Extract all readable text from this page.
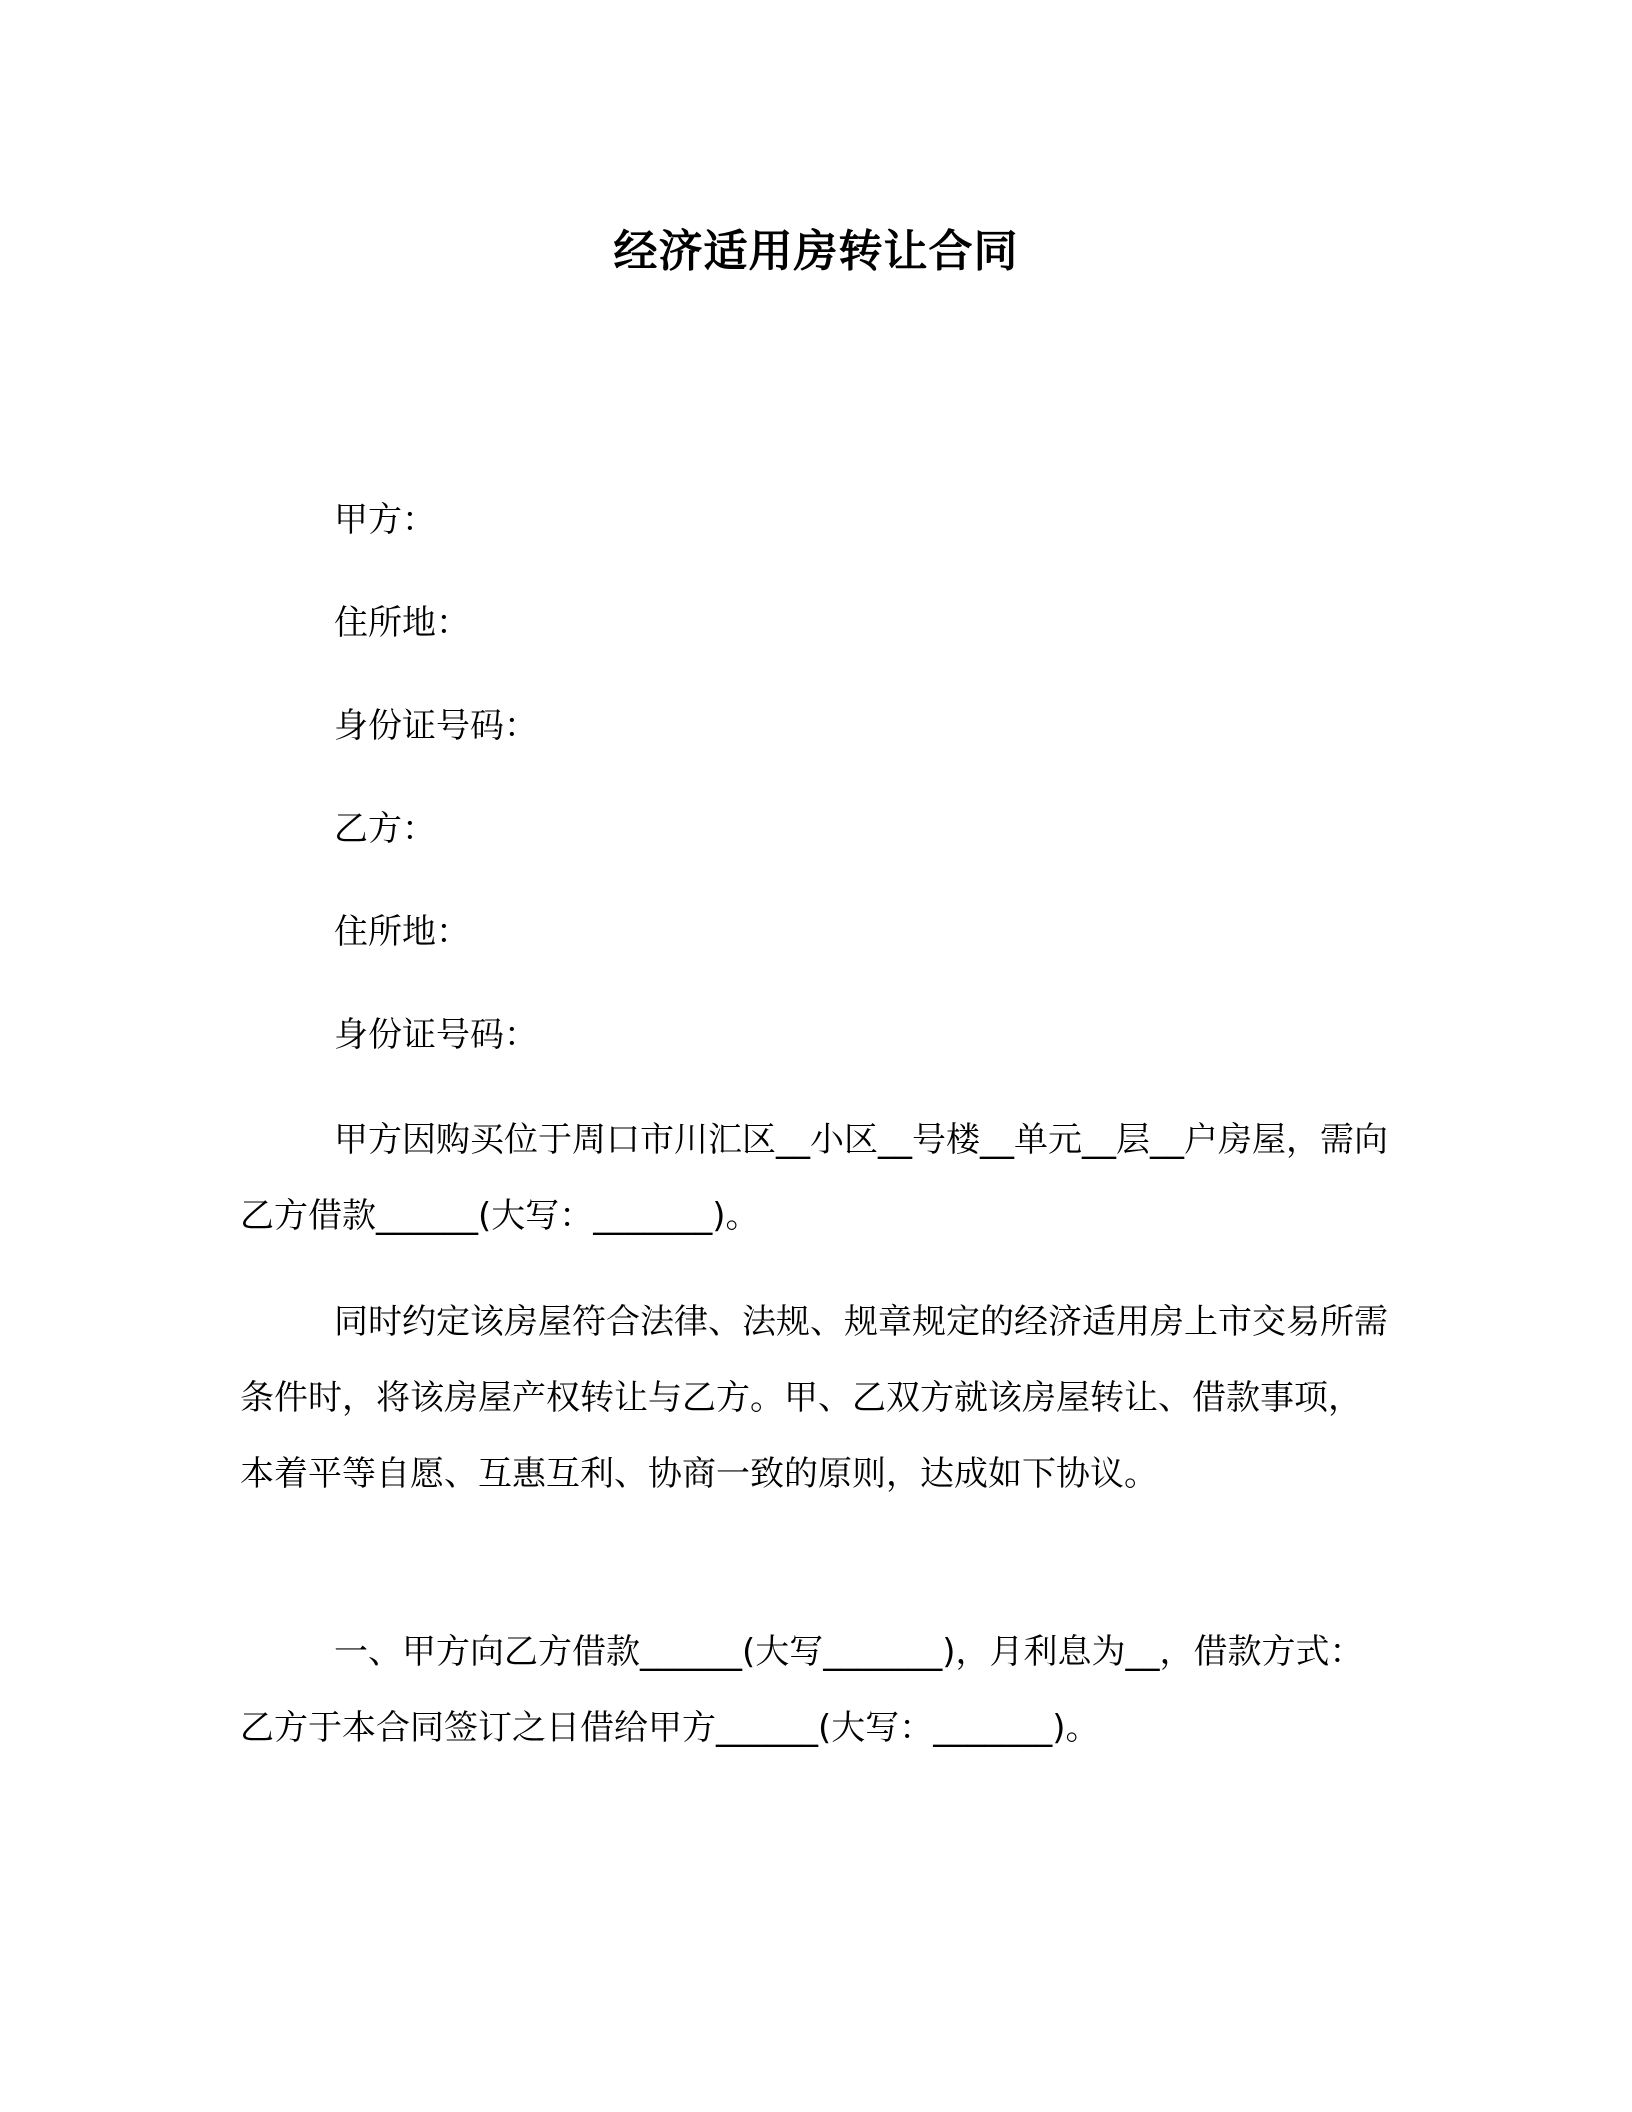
经济适用房转让合同

甲方：

住所地：

身份证号码：

乙方：

住所地：

身份证号码：

甲方因购买位于周口市川汇区__小区__号楼__单元__层__户房屋，需向乙方借款______(大写：_______)。

同时约定该房屋符合法律、法规、规章规定的经济适用房上市交易所需条件时，将该房屋产权转让与乙方。甲、乙双方就该房屋转让、借款事项，本着平等自愿、互惠互利、协商一致的原则，达成如下协议。

一、甲方向乙方借款______(大写_______)，月利息为__，借款方式：乙方于本合同签订之日借给甲方______(大写：_______)。
